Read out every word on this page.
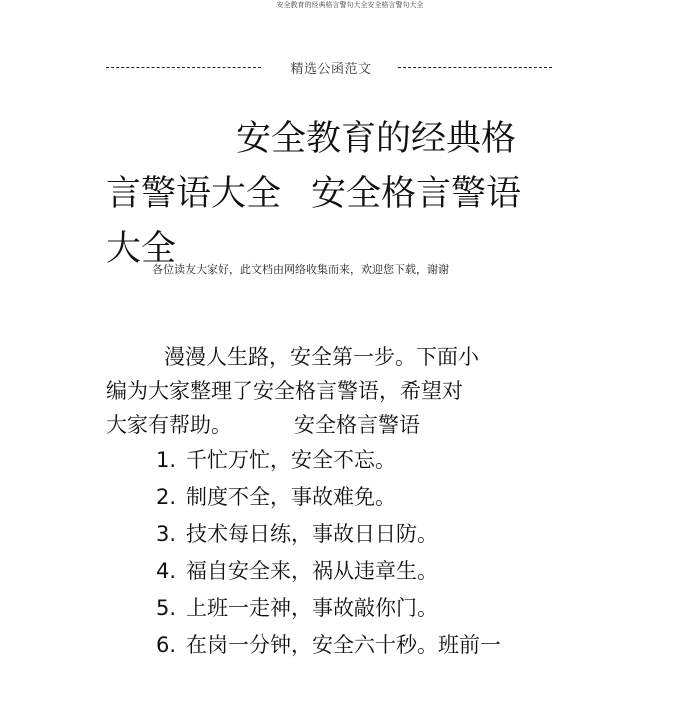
安全教育的经典格言警句大全安全格言警句大全
精选公函范文
安全教育的经典格
言警语大全 安全格言警语
大全
各位读友大家好，此文档由网络收集而来，欢迎您下载，谢谢
漫漫人生路，安全第一步。下面小
编为大家整理了安全格言警语，希望对
大家有帮助。	安全格言警语
1. 千忙万忙，安全不忘。
2. 制度不全，事故难免。
3. 技术每日练，事故日日防。
4. 福自安全来，祸从违章生。
5. 上班一走神，事故敲你门。
6. 在岗一分钟，安全六十秒。班前一
